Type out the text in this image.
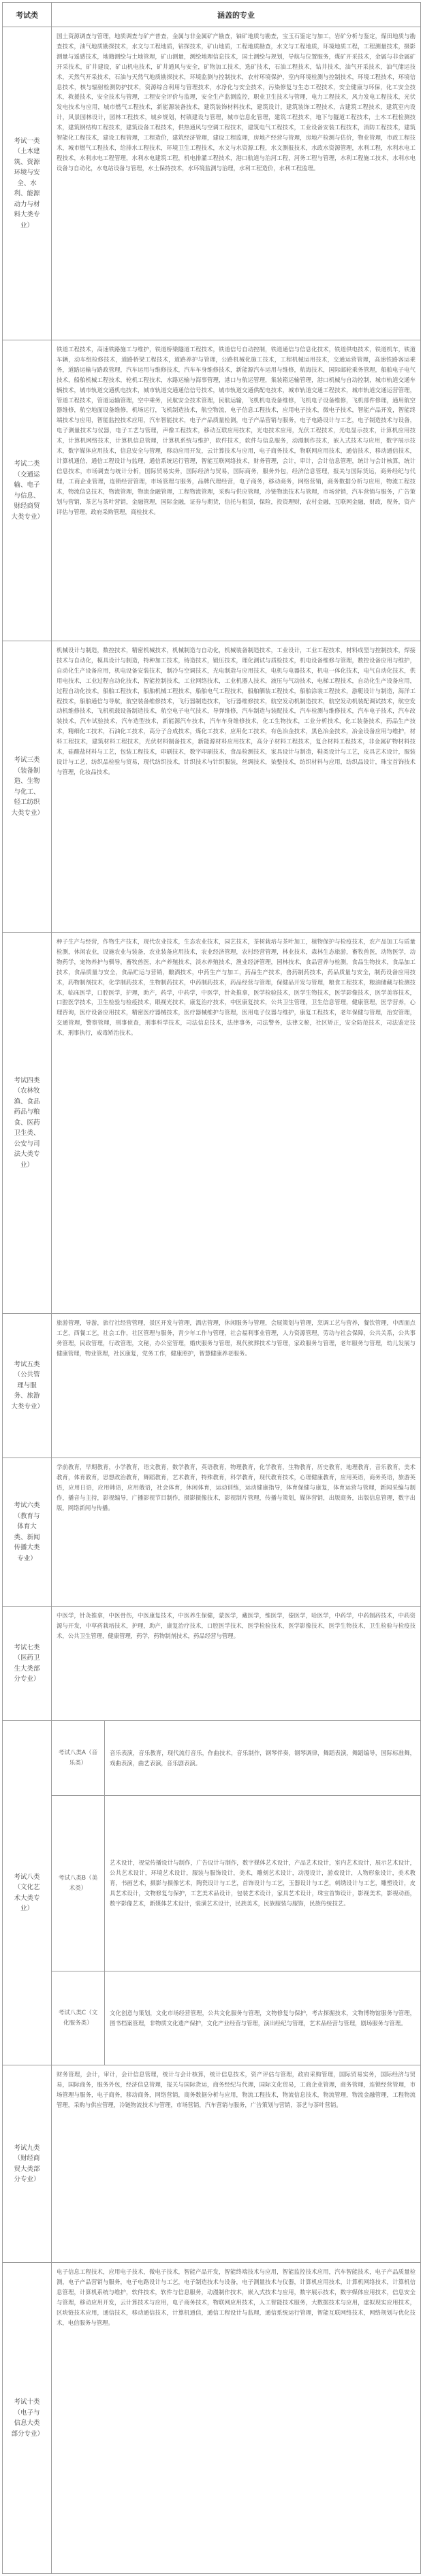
考试类	涵盖的专业
考试一类（土木建筑、资源环境与安全、水利、能源动力与材料大类专业）

国土资源调查与管理，地质调查与矿产普查，金属与非金属矿产勘查，铀矿地质与勘查，宝玉石鉴定与加工，岩矿分析与鉴定，煤田地质与勘查技术，油气地质勘探技术，水文与工程地质，钻探技术，矿山地质，工程地质勘查，水文与工程地质，环境地质工程，工程测量技术，摄影测量与遥感技术，地籍测绘与土地管理，矿山测量，测绘地理信息技术，国土测绘与规划，导航与位置服务，煤矿开采技术，金属与非金属矿开采技术，矿井建设，矿山机电技术，矿井通风与安全，矿物加工技术，选矿技术，石油工程技术，钻井技术，油气开采技术，油气储运技术，天然气开采技术，石油与天然气地质勘探技术，环境监测与控制技术，农村环境保护，室内环境检测与控制技术，环境工程技术，环境信息技术，核与辐射检测防护技术，资源综合利用与管理技术，水净化与安全技术，污染修复与生态工程技术，安全健康与环保，化工安全技术，救援技术，安全技术与管理，工程安全评价与监理，安全生产监测监控，职业卫生技术与管理，电力工程技术，风力发电工程技术，光伏发电技术与应用，城市燃气工程技术，新能源装备技术，建筑装饰材料技术，建筑设计，建筑装饰工程技术，古建筑工程技术，建筑室内设计，风景园林设计，园林工程技术，城乡规划，村镇建设与管理，城市信息化管理，建筑工程技术，地下与隧道工程技术，土木工程检测技术，建筑钢结构工程技术，建筑设备工程技术，供热通风与空调工程技术，建筑电气工程技术，工业设备安装工程技术，消防工程技术，建筑智能化工程技术，建设工程管理，工程造价，建筑经济管理，建设工程监理，房地产经营与管理，房地产检测与估价，物业管理，市政工程技术，城市燃气工程技术，给排水工程技术，环境卫生工程技术，水文与水资源工程，水文测报技术，水政水资源管理，水利工程，水利水电工程技术，水利水电工程管理，水利水电建筑工程，机电排灌工程技术，港口航道与治河工程，河务工程与管理，水利工程施工技术，水利水电设备与自动化，水电站设备与管理，水土保持技术，水环境监测与治理，水利工程造价，水利工程监理。

考试二类（交通运输、电子与信息、财经商贸大类专业）

铁道工程技术，高速铁路施工与维护，铁道桥梁隧道工程技术，铁道信号自动控制，铁道通信与信息化技术，铁道供电技术，铁道机车，铁道车辆，动车组检修技术，道路桥梁工程技术，道路养护与管理，公路机械化施工技术，工程机械运用技术，交通运营管理，高速铁路客运乘务，道路运输与路政管理，汽车运用与维修技术，汽车车身维修技术，新能源汽车运用与维修，航海技术，国际邮轮乘务管理，船舶电子电气技术，船舶机械工程技术，轮机工程技术，水路运输与海事管理，港口与航运管理，集装箱运输管理，港口机械与自动控制，城市轨道交通车辆技术，城市轨道交通机电技术，城市轨道交通通信信号技术，城市轨道交通供配电技术，城市轨道交通工程技术，城市轨道交通运营管理，管道工程技术，管道运输管理，空中乘务，民航安全技术管理，民航运输，飞机机电设备维修，飞机电子设备维修，飞机部件修理，通用航空器维修，航空地面设备维修，机场运行，飞机制造技术，航空物流，电子信息工程技术，应用电子技术，微电子技术，智能产品开发，智能终端技术与应用，智能监控技术应用，汽车智能技术，电子产品质量检测，电子产品营销与服务，电子电路设计与工艺，电子制造技术与设备，电子测量技术与仪器，电子工艺与管理，声像工程技术，移动互联应用技术，光电技术应用，光伏工程技术，光电显示技术，计算机应用技术，计算机网络技术，计算机信息管理，计算机系统与维护，软件技术，软件与信息服务，动漫制作技术，嵌入式技术与应用，数字展示技术，数字媒体应用技术，信息安全与管理，移动应用开发，云计算技术与应用，电子商务技术，物联网应用技术，通信技术，移动通信技术，计算机通信，通信工程设计与监理，通信系统运行管理，智能互联网络技术，财务管理，会计，审计，会计信息管理，统计与会计核算，统计信息技术，市场调查与统计分析，国际贸易实务，国际经济与贸易，国际商务，服务外包，经济信息管理，报关与国际货运，商务经纪与代理，工商企业管理，连锁经营管理，市场管理与服务，品牌代理经营，电子商务，移动商务，网络营销，商务数据分析与应用，物流工程技术，物流信息技术，物流管理，物流金融管理，工程物流管理，采购与供应管理，冷链物流技术与管理，市场营销，汽车营销与服务，广告策划与营销，茶艺与茶叶营销，金融管理，国际金融，证券与期货，信托与租赁，保险，投资理财，农村金融，互联网金融，财政，税务，资产评估与管理，政府采购管理，商检技术。

考试三类（装备制造、生物与化工、轻工纺织大类专业）

机械设计与制造，数控技术，精密机械技术，机械制造与自动化，机械装备制造技术，工业设计，工业工程技术，材料成型与控制技术，焊接技术与自动化，模具设计与制造，特种加工技术，铸造技术，锻压技术，理化测试与质检技术，机电设备维修与管理，数控设备应用与维护，自动化生产设备应用，机电设备安装技术，制冷与空调技术，光电制造与应用技术，电机与电器技术，机电一体化技术，电气自动化技术，供用电技术，工业过程自动化技术，智能控制技术，工业网络技术，工业机器人技术，液压与气动技术，电梯工程技术，自动化生产设备应用，过程自动化技术，船舶工程技术，船舶机械工程技术，船舶电气工程技术，船舶舾装工程技术，船舶涂装工程技术，游艇设计与制造，海洋工程技术，船舶通信与导航，航空装备维修技术，飞行器制造技术，飞行器维修技术，航空发动机制造技术，航空发动机装配调试技术，航空发动机维修技术，飞机机载设备制造技术，航空电子电气技术，导弹维修，汽车制造与装配技术，汽车检测与维修技术，汽车电子技术，汽车改装技术，汽车试验技术，汽车造型技术，新能源汽车技术，汽车车身维修技术，化工生物技术，工业分析技术，化工装备技术，药品生产技术，精细化工技术，石油化工技术，高分子合成技术，煤化工技术，应用化工技术，有色冶金技术，黑色冶金技术，冶金设备应用与维护，材料工程技术，建筑材料工程技术，光伏材料制备技术，新能源材料应用技术，高分子材料工程技术，复合材料工程技术，非金属矿物材料技术，硅酸盐材料与工艺，包装工程技术，印刷技术，数字印刷技术，食品检测技术，家具设计与制造，鞋类设计与工艺，皮具艺术设计，服装设计与工艺，纺织品检验与贸易，现代纺织技术，针织技术与针织服装，丝绸技术，染整技术，纺织材料与应用，纺织品设计，珠宝首饰技术与管理，化妆品技术。

考试四类（农林牧渔、食品药品与粮食、医药卫生类、公安与司法大类专业）

种子生产与经营，作物生产技术，现代农业技术，生态农业技术，园艺技术，茶树栽培与茶叶加工，植物保护与检疫技术，农产品加工与质量检测，休闲农业，设施农业与装备，农业装备应用技术，农业经济管理，农村经营管理，林业技术，森林生态旅游，畜牧兽医，动物医学，动物药学，宠物养护与驯导，畜牧兽医，水产养殖技术，淡水养殖技术，渔业经济管理，园林技术，食品营养与检测，食品生物技术，食品加工技术，食品质量与安全，食品贮运与营销，酿酒技术，中药生产与加工，药品生产技术，兽药制药技术，药品质量与安全，制药设备应用技术，药物制剂技术，化学制药技术，生物制药技术，中药制药技术，药品经营与管理，保健品开发与管理，粮食工程技术，粮油储藏与检测技术，临床医学，口腔医学，护理，助产，药学，中药学，中医学，针灸推拿，医学检验技术，医学生物技术，医学影像技术，医学美容技术，口腔医学技术，卫生检验与检疫技术，眼视光技术，康复治疗技术，中医康复技术，公共卫生管理，卫生信息管理，健康管理，医学营养，心理咨询，医疗设备应用技术，精密医疗器械技术，医疗器械维护与管理，医用电子仪器与维护，康复工程技术，老年保健与管理，治安管理，交通管理，警察管理，刑事侦查，刑事科学技术，司法信息技术，法律事务，司法警务，法律文秘，社区矫正，安全防范技术，司法鉴定技术，刑事执行，戒毒矫治技术。

考试五类（公共管理与服务、旅游大类专业）

旅游管理，导游，旅行社经营管理，景区开发与管理，酒店管理，休闲服务与管理，会展策划与管理，烹调工艺与营养，餐饮管理，中西面点工艺，西餐工艺，社会工作，社区管理与服务，青少年工作与管理，社会福利事业管理，人力资源管理，劳动与社会保障，公共关系，公共事务管理，民政管理，行政管理，文秘，办公室管理，婚庆服务与管理，现代殡葬技术与管理，家政服务与管理，老年服务与管理，幼儿发展与健康管理，物业管理，社区康复，党务工作，健康照护，智慧健康养老服务。

考试六类（教育与体育大类、新闻传播大类专业）

学前教育，早期教育，小学教育，语文教育，数学教育，英语教育，物理教育，化学教育，生物教育，历史教育，地理教育，音乐教育，美术教育，体育教育，思想政治教育，舞蹈教育，艺术教育，特殊教育，科学教育，现代教育技术，心理健康教育，应用英语，商务英语，旅游英语，应用日语，应用韩语，应用俄语，社会体育，休闲体育，运动训练，运动健康指导，体育保健与康复，体育运营与管理，新闻采编与制作，播音与主持，影视编导，广播影视节目制作，摄影摄像技术，影视制片管理，传播与策划，媒体营销，出版商务，出版信息管理，数字出版，网络新闻与传播。

考试七类（医药卫生大类部分专业）

中医学，针灸推拿，中医骨伤，中医康复技术，中医养生保健，蒙医学，藏医学，维医学，傣医学，哈医学，中药学，中药制药技术，中药资源与开发，中草药栽培技术，护理，助产，康复治疗技术，口腔医学技术，医学检验技术，医学影像技术，医学生物技术，卫生检验与检疫技术，公共卫生管理，健康管理，药学，药物制剂技术，药品经营与管理。

考试八类（文化艺术大类专业）
考试八类A（音乐类）

音乐表演，音乐教育，现代流行音乐，作曲技术，音乐制作，钢琴伴奏，钢琴调律，舞蹈表演，舞蹈编导，国际标准舞，戏曲表演，曲艺表演，音乐剧表演。

考试八类B（美术类）

艺术设计，视觉传播设计与制作，广告设计与制作，数字媒体艺术设计，产品艺术设计，室内艺术设计，展示艺术设计，公共艺术设计，环境艺术设计，服装与服饰设计，美术，雕刻艺术设计，动漫设计，游戏设计，人物形象设计，美术教育，书画艺术，摄影与摄像艺术，陶瓷设计与工艺，首饰设计与工艺，玉器设计与工艺，刺绣设计与工艺，雕塑设计，皮具艺术设计，文物修复与保护，工艺美术品设计，包装艺术设计，家具艺术设计，珠宝首饰设计，影视美术，影视动画，数字影像艺术，新媒体艺术设计，装潢艺术设计，民族美术，民族服装与服饰，民族传统技艺。

考试八类C（文化服务类）

文化创意与策划，文化市场经营管理，公共文化服务与管理，文物修复与保护，考古探掘技术，文物博物馆服务与管理，图书档案管理，非物质文化遗产保护，文化产业经营与管理，演出经纪与管理，艺术品经营与管理，剧场服务与管理。

考试九类（财经商贸大类部分专业）

财务管理，会计，审计，会计信息管理，统计与会计核算，统计信息技术，资产评估与管理，政府采购管理，国际贸易实务，国际经济与贸易，国际商务，服务外包，经济信息管理，报关与国际货运，商务经纪与代理，国际文化贸易，工商企业管理，商务管理，连锁经营管理，市场管理与服务，电子商务，移动商务，网络营销，商务数据分析与应用，物流工程技术，物流信息技术，物流管理，物流金融管理，工程物流管理，采购与供应管理，冷链物流技术与管理，市场营销，汽车营销与服务，广告策划与营销，茶艺与茶叶营销。

考试十类（电子与信息大类部分专业）

电子信息工程技术，应用电子技术，微电子技术，智能产品开发，智能终端技术与应用，智能监控技术应用，汽车智能技术，电子产品质量检测，电子产品营销与服务，电子电路设计与工艺，电子制造技术与设备，电子测量技术与仪器，计算机应用技术，计算机网络技术，计算机信息管理，计算机系统与维护，软件技术，软件与信息服务，动漫制作技术，嵌入式技术与应用，数字展示技术，数字媒体应用技术，信息安全与管理，移动应用开发，云计算技术与应用，电子商务技术，物联网应用技术，人工智能技术服务，大数据技术与应用，虚拟现实应用技术，区块链技术应用，通信技术，移动通信技术，计算机通信，通信工程设计与监理，通信系统运行管理，智能互联网络技术，网络规划与优化技术，电信服务与管理。
